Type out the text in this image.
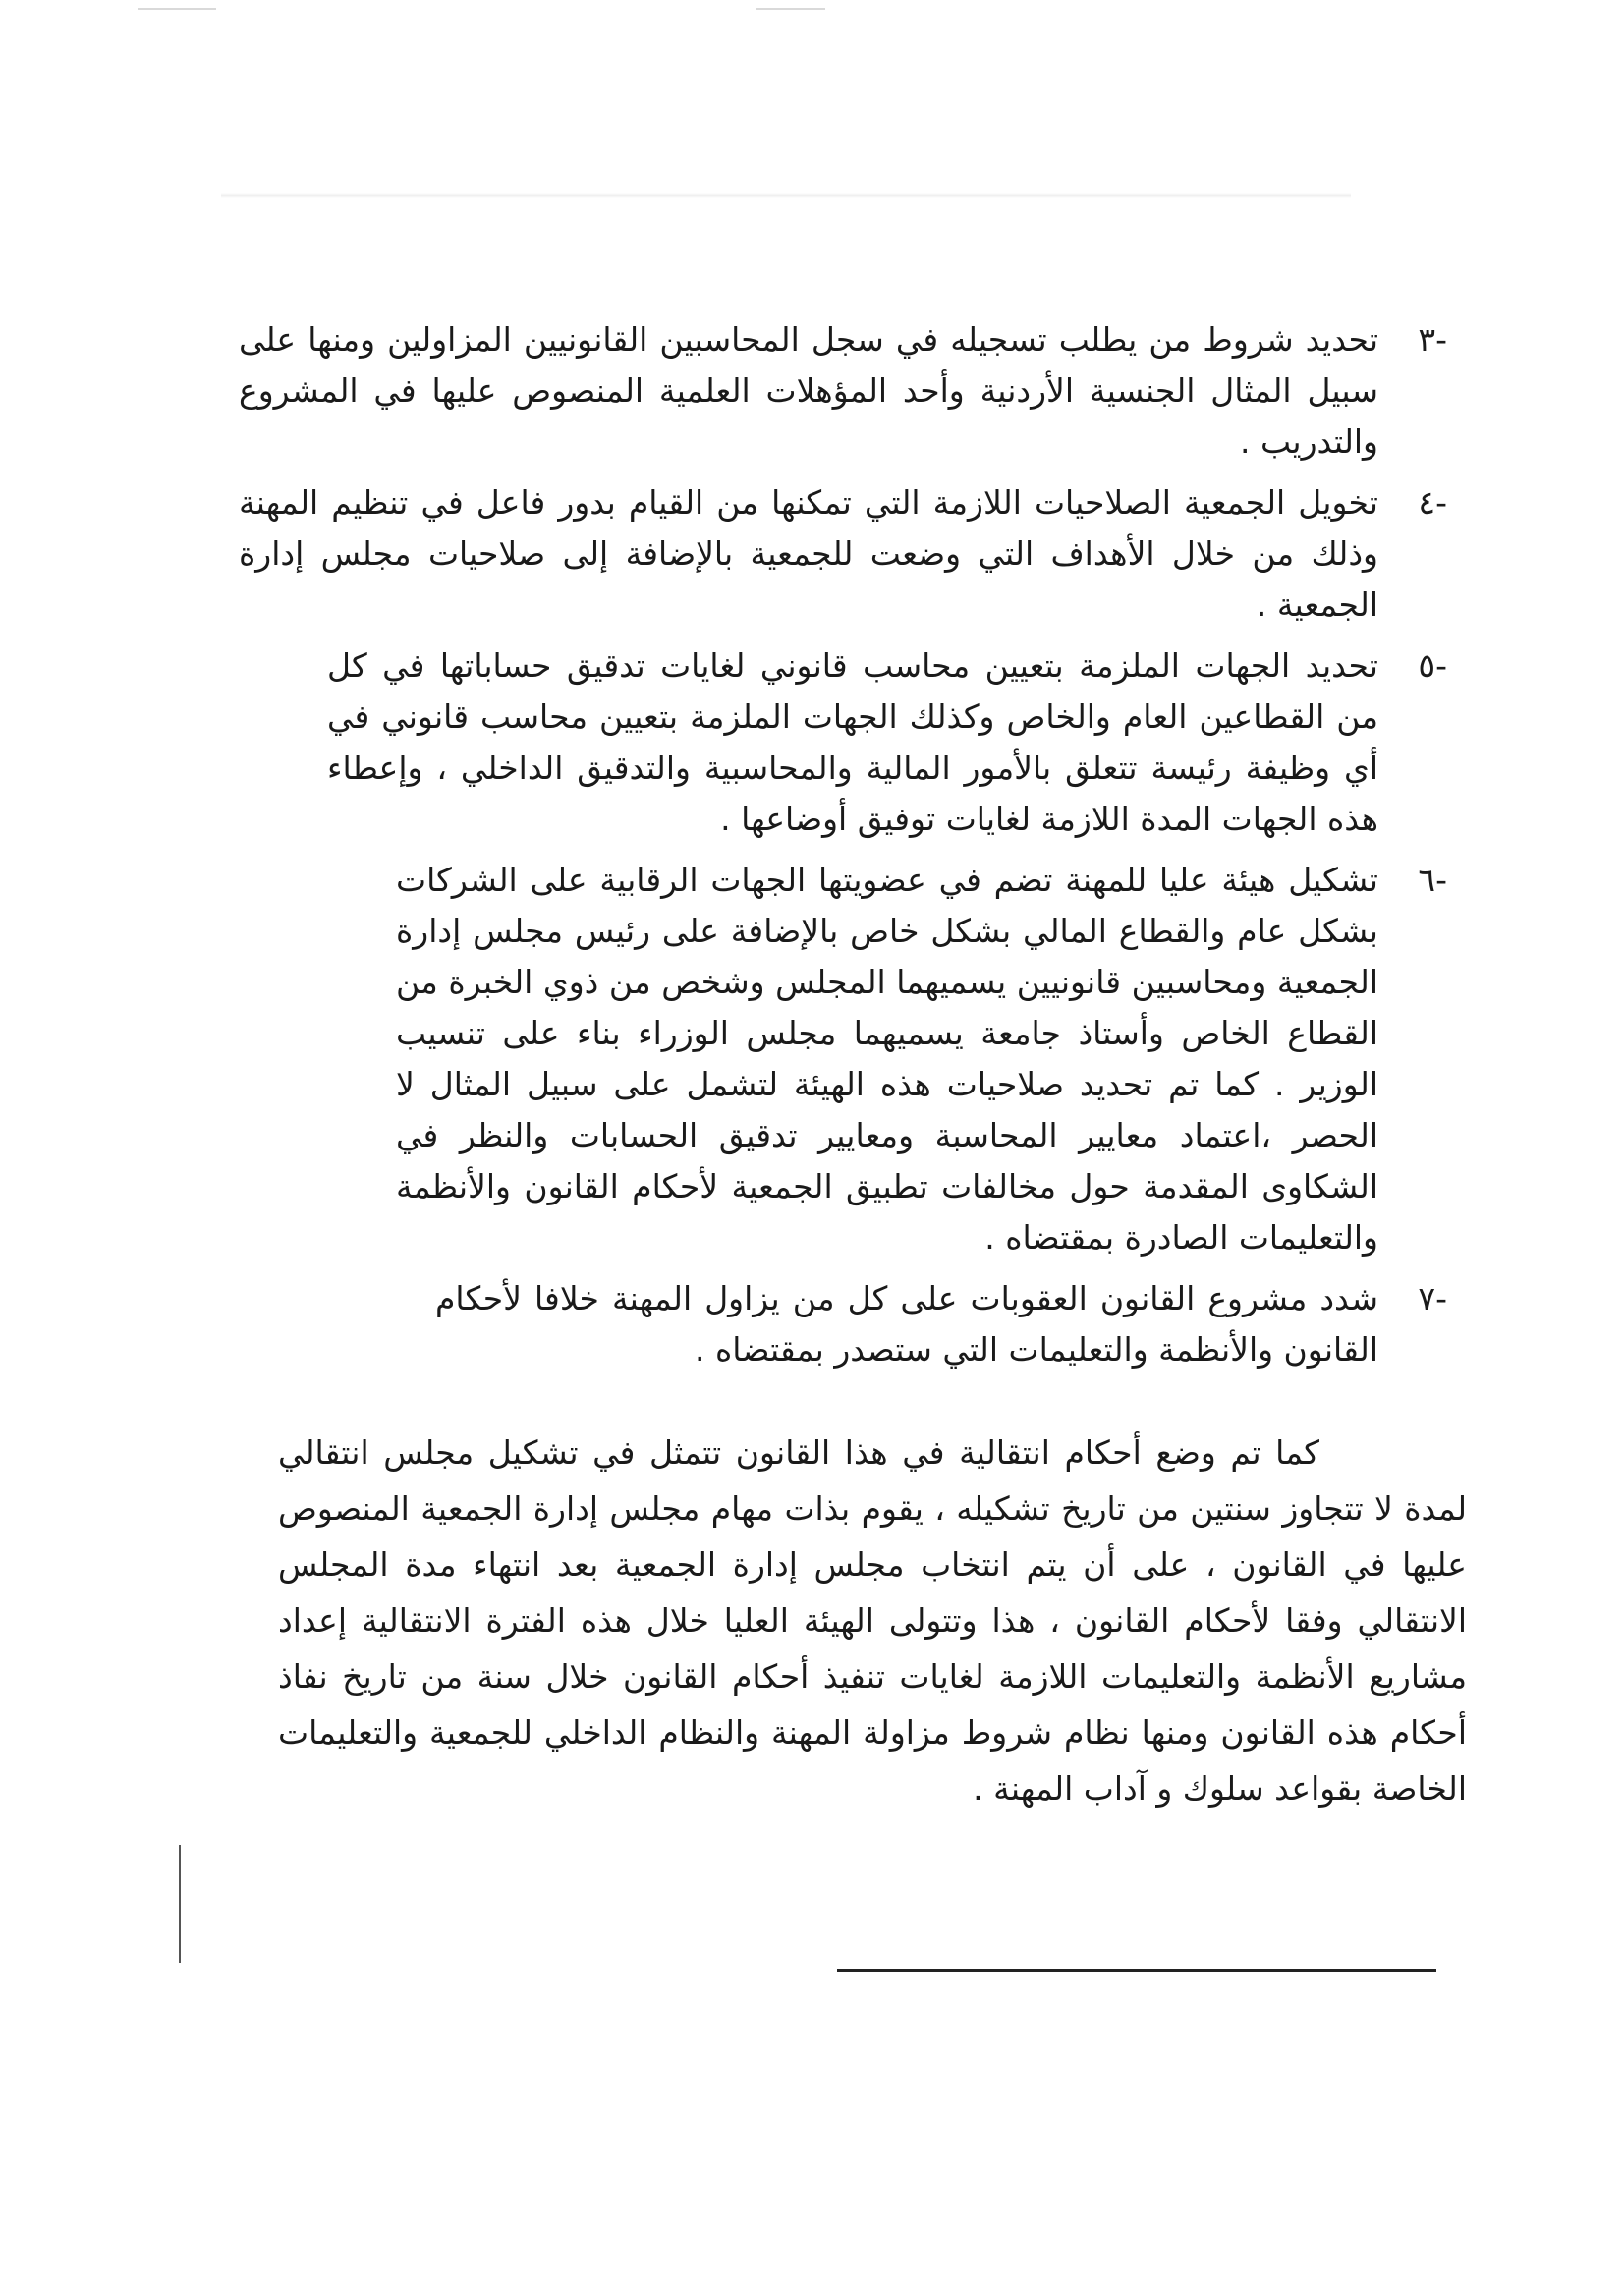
-٣
تحديد شروط من يطلب تسجيله في سجل المحاسبين القانونيين المزاولين ومنها على سبيل المثال الجنسية الأردنية وأحد المؤهلات العلمية المنصوص عليها في المشروع والتدريب .
-٤
تخويل الجمعية الصلاحيات اللازمة التي تمكنها من القيام بدور فاعل في تنظيم المهنة وذلك من خلال الأهداف التي وضعت للجمعية بالإضافة إلى صلاحيات مجلس إدارة الجمعية .
-٥
تحديد الجهات الملزمة بتعيين محاسب قانوني لغايات تدقيق حساباتها في كل من القطاعين العام والخاص وكذلك الجهات الملزمة بتعيين محاسب قانوني في أي وظيفة رئيسة تتعلق بالأمور المالية والمحاسبية والتدقيق الداخلي ، وإعطاء هذه الجهات المدة اللازمة لغايات توفيق أوضاعها .
-٦
تشكيل هيئة عليا للمهنة تضم في عضويتها الجهات الرقابية على الشركات بشكل عام والقطاع المالي بشكل خاص بالإضافة على رئيس مجلس إدارة الجمعية ومحاسبين قانونيين يسميهما المجلس وشخص من ذوي الخبرة من القطاع الخاص وأستاذ جامعة يسميهما مجلس الوزراء بناء على تنسيب الوزير . كما تم تحديد صلاحيات هذه الهيئة لتشمل على سبيل المثال لا الحصر ،اعتماد معايير المحاسبة ومعايير تدقيق الحسابات والنظر في الشكاوى المقدمة حول مخالفات تطبيق الجمعية لأحكام القانون والأنظمة والتعليمات الصادرة بمقتضاه .
-٧
شدد مشروع القانون العقوبات على كل من يزاول المهنة خلافا لأحكام القانون والأنظمة والتعليمات التي ستصدر بمقتضاه .

كما تم وضع أحكام انتقالية في هذا القانون تتمثل في تشكيل مجلس انتقالي لمدة لا تتجاوز سنتين من تاريخ تشكيله ، يقوم بذات مهام مجلس إدارة الجمعية المنصوص عليها في القانون ، على أن يتم انتخاب مجلس إدارة الجمعية بعد انتهاء مدة المجلس الانتقالي وفقا لأحكام القانون ، هذا وتتولى الهيئة العليا خلال هذه الفترة الانتقالية إعداد مشاريع الأنظمة والتعليمات اللازمة لغايات تنفيذ أحكام القانون خلال سنة من تاريخ نفاذ أحكام هذه القانون ومنها نظام شروط مزاولة المهنة والنظام الداخلي للجمعية والتعليمات الخاصة بقواعد سلوك و آداب المهنة .
